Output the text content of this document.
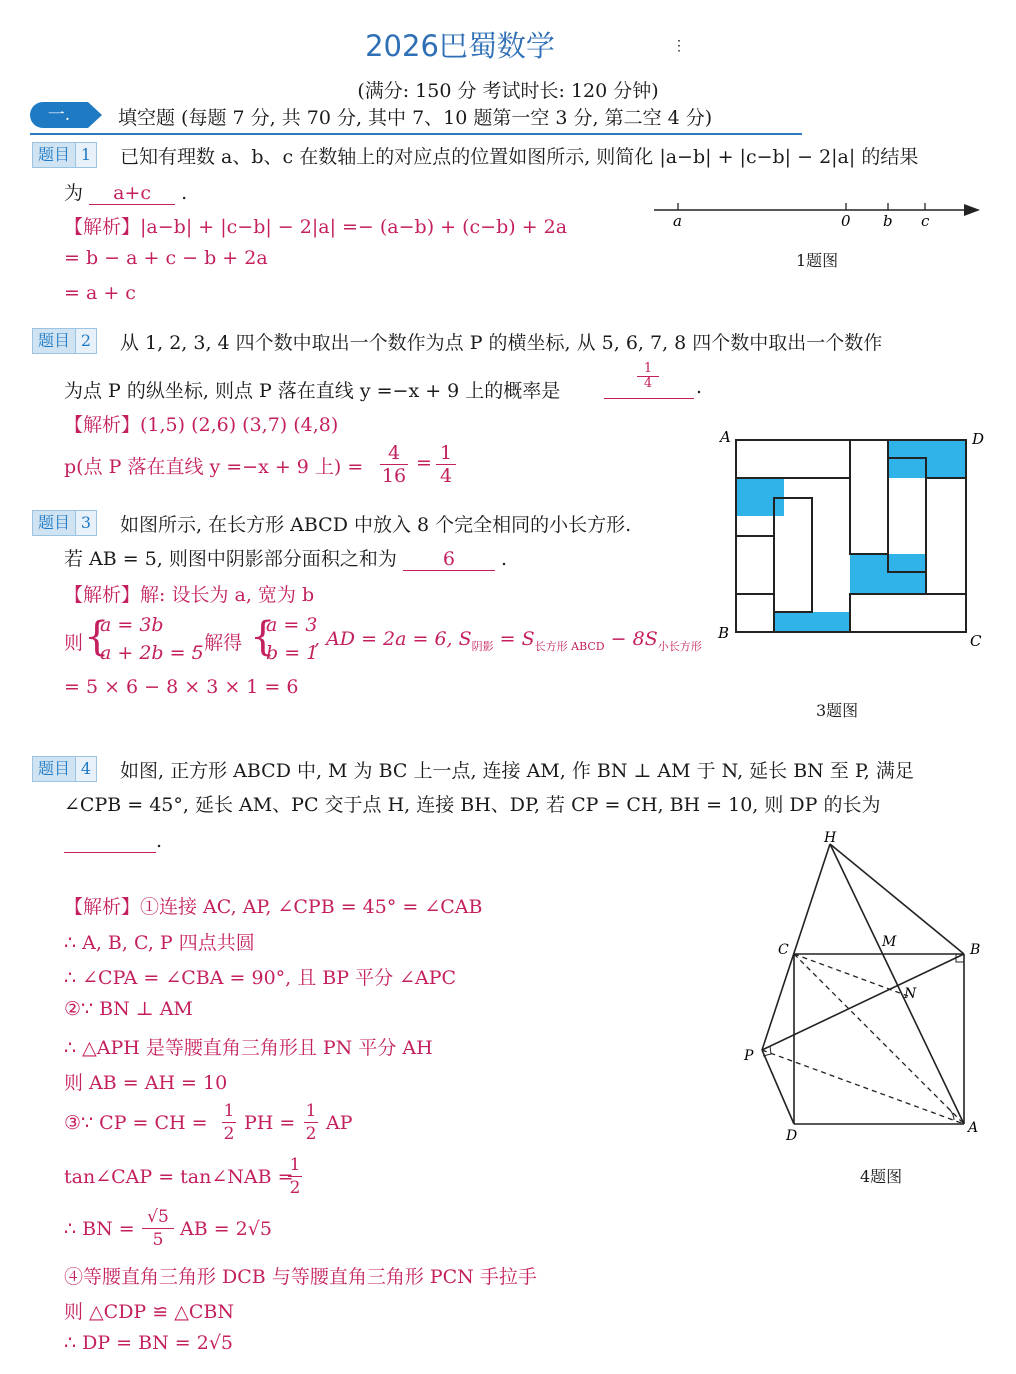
2026巴蜀数学	⋮
(满分: 150 分 考试时长: 120 分钟)
一.	填空题 (每题 7 分, 共 70 分, 其中 7、10 题第一空 3 分, 第二空 4 分)
题目 1	已知有理数 a、b、c 在数轴上的对应点的位置如图所示, 则简化 |a−b| + |c−b| − 2|a| 的结果
为 a+c .
【解析】|a−b| + |c−b| − 2|a| =− (a−b) + (c−b) + 2a
= b − a + c − b + 2a
= a + c
a	0 b c
1题图
题目 2	从 1, 2, 3, 4 四个数中取出一个数作为点 P 的横坐标, 从 5, 6, 7, 8 四个数中取出一个数作
为点 P 的纵坐标, 则点 P 落在直线 y =−x + 9 上的概率是	$\frac{1}{4}$ .
【解析】(1,5) (2,6) (3,7) (4,8)
p(点 P 落在直线 y =−x + 9 上) = $\frac{4}{16} = \frac{1}{4}$
题目 3	如图所示, 在长方形 ABCD 中放入 8 个完全相同的小长方形.
若 AB = 5, 则图中阴影部分面积之和为 6 .
【解析】解: 设长为 a, 宽为 b
则 {
a = 3b
a + 2b = 5
, 解得 {
a = 3
b = 1
, AD = 2a = 6, $S_{阴影} = S_{长方形 ABCD} - 8S_{小长方形}$
= 5 × 6 − 8 × 3 × 1 = 6
A	D
B	C
3题图
题目 4	如图, 正方形 ABCD 中, M 为 BC 上一点, 连接 AM, 作 BN ⊥ AM 于 N, 延长 BN 至 P, 满足
∠CPB = 45°, 延长 AM、PC 交于点 H, 连接 BH、DP, 若 CP = CH, BH = 10, 则 DP 的长为
.
【解析】①连接 AC, AP, ∠CPB = 45° = ∠CAB
∴ A, B, C, P 四点共圆
∴ ∠CPA = ∠CBA = 90°, 且 BP 平分 ∠APC
②∵ BN ⊥ AM
∴ △APH 是等腰直角三角形且 PN 平分 AH
则 AB = AH = 10
③∵ CP = CH = $\frac{1}{2}$ PH = $\frac{1}{2}$ AP
tan∠CAP = tan∠NAB =
$\frac{1}{2}$
∴ BN = $\frac{√5}{5}$ AB = 2√5
④等腰直角三角形 DCB 与等腰直角三角形 PCN 手拉手
则 △CDP ≌ △CBN
∴ DP = BN = 2√5
H
M
C	B
N
P
D	A
4题图
